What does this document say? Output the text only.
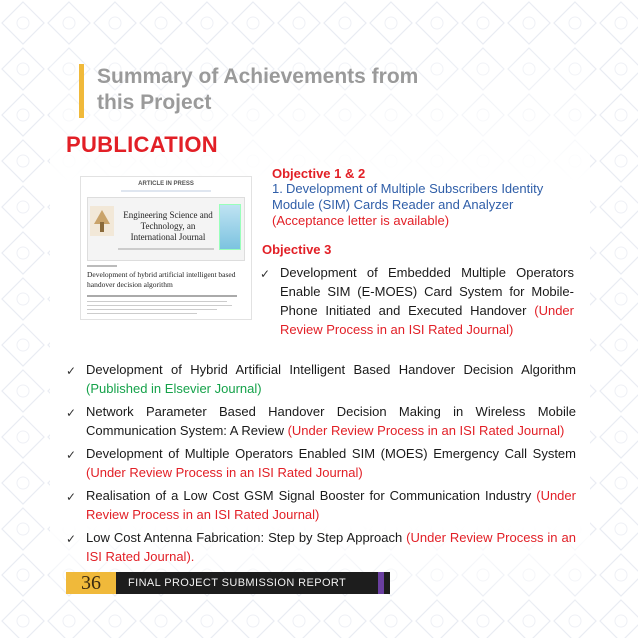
Summary of Achievements from
this Project
PUBLICATION
ARTICLE IN PRESS
Engineering Science and Technology, an International Journal
Development of hybrid artificial intelligent based handover decision algorithm
Objective 1 & 2

1. Development of Multiple Subscribers Identity Module (SIM) Cards Reader and Analyzer (Acceptance letter is available)

Objective 3
✓ Development of Embedded Multiple Operators Enable SIM (E-MOES) Card System for Mobile-Phone Initiated and Executed Handover (Under Review Process in an ISI Rated Journal)
✓ Development of Hybrid Artificial Intelligent Based Handover Decision Algorithm (Published in Elsevier Journal)
✓ Network Parameter Based Handover Decision Making in Wireless Mobile Communication System: A Review (Under Review Process in an ISI Rated Journal)
✓ Development of Multiple Operators Enabled SIM (MOES) Emergency Call System (Under Review Process in an ISI Rated Journal)
✓ Realisation of a Low Cost GSM Signal Booster for Communication Industry (Under Review Process in an ISI Rated Journal)
✓ Low Cost Antenna Fabrication: Step by Step Approach (Under Review Process in an ISI Rated Journal).
36	FINAL PROJECT SUBMISSION REPORT
